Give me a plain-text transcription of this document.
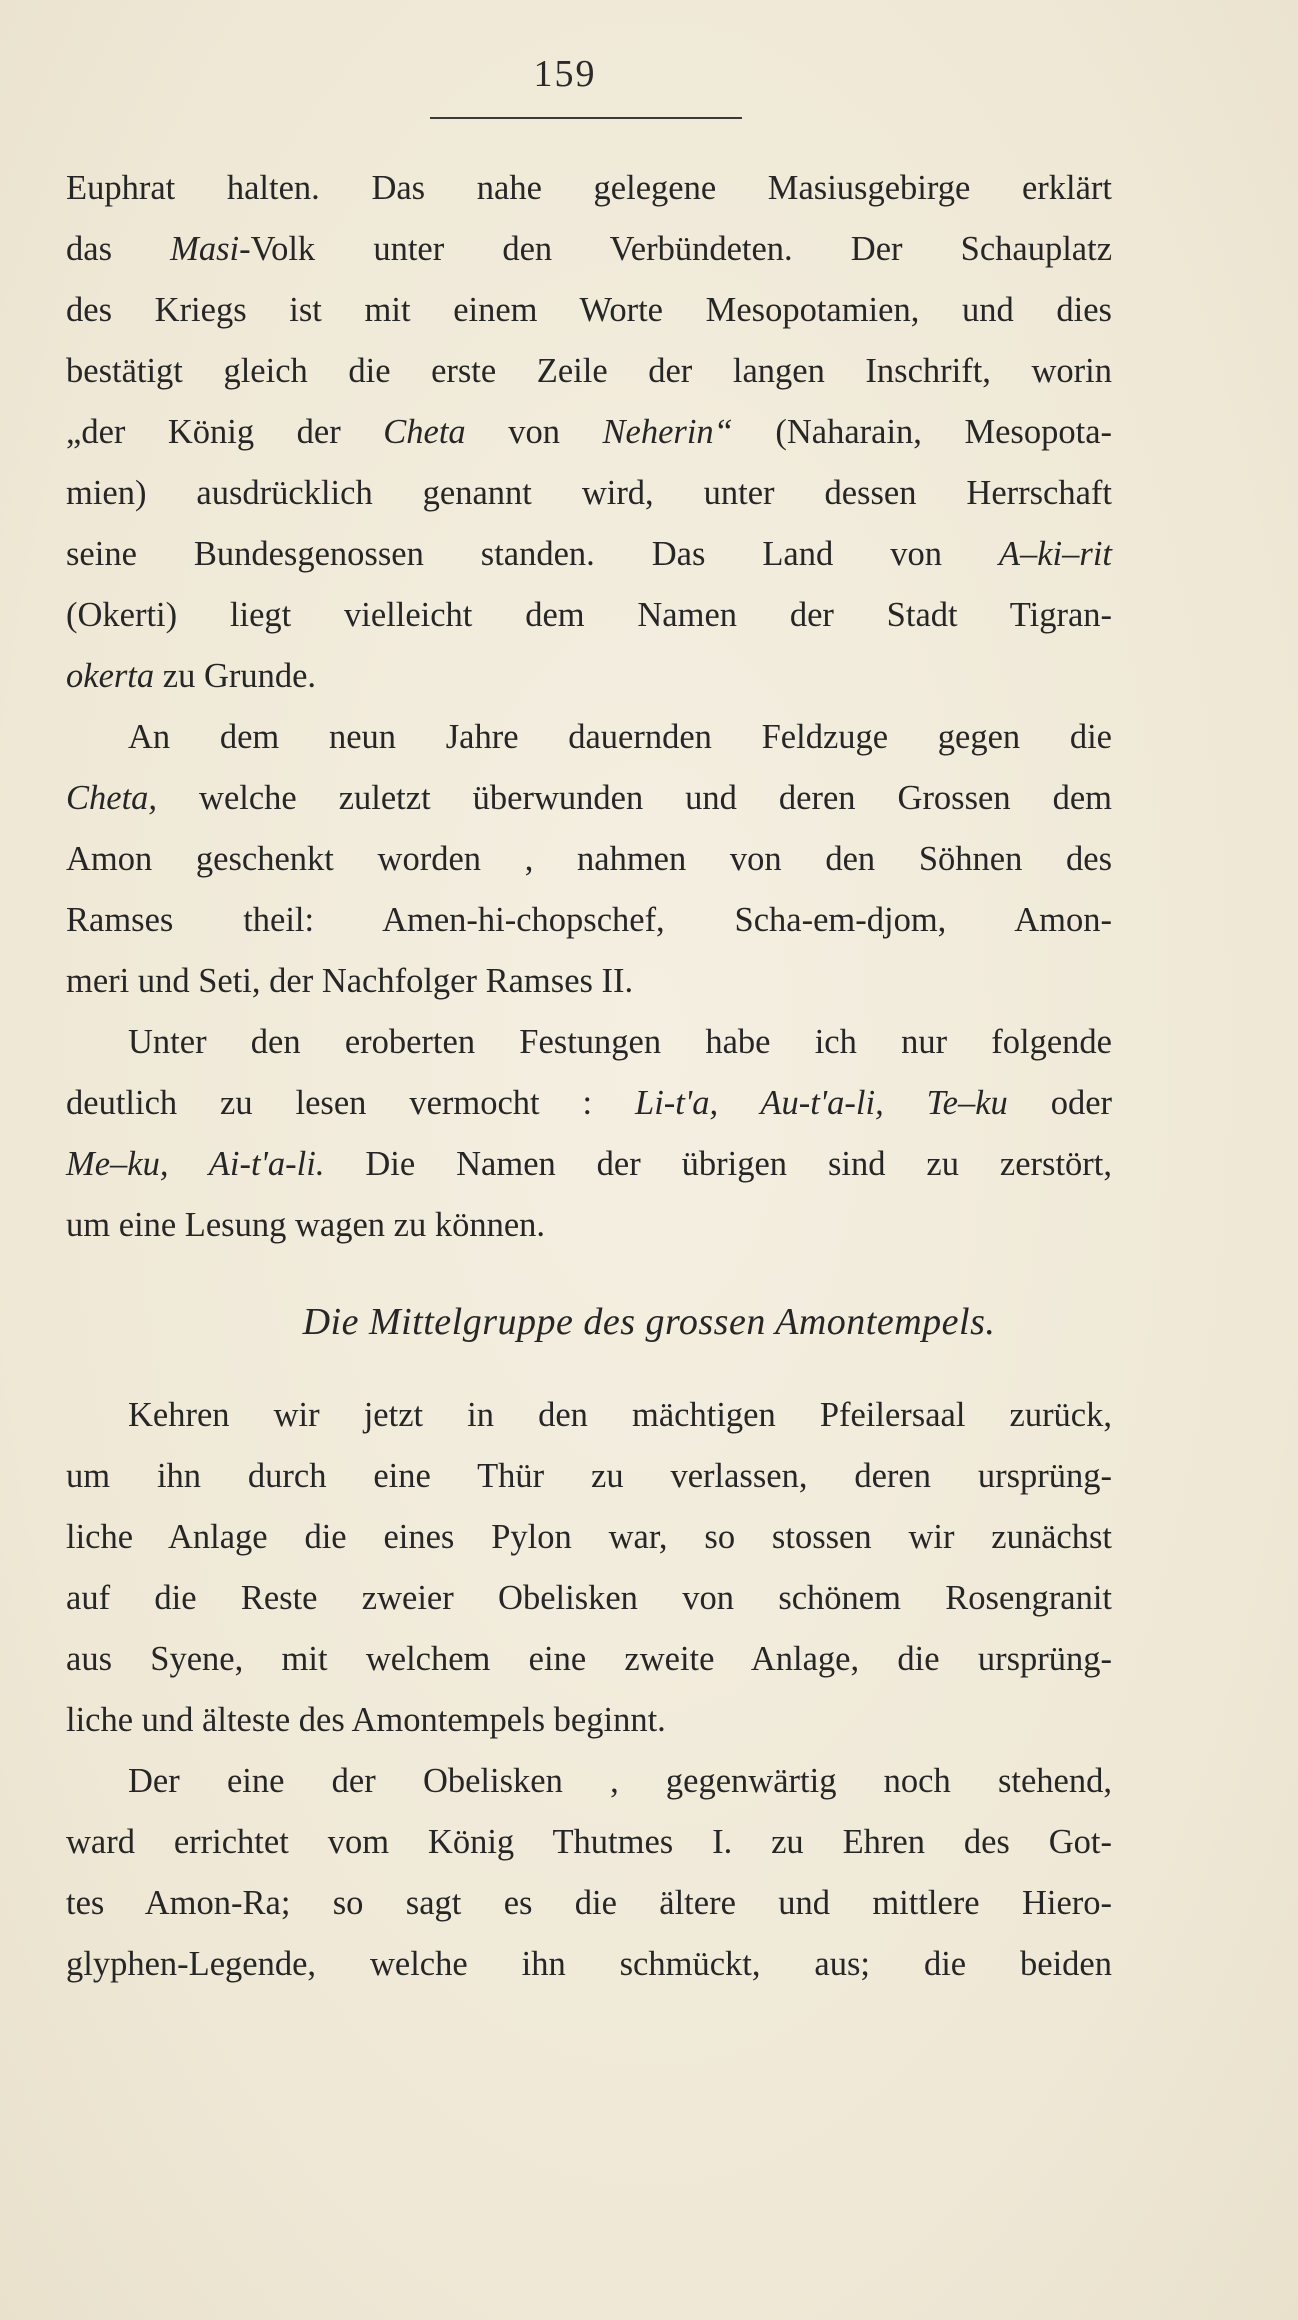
159
Euphrat halten. Das nahe gelegene Masiusgebirge erklärt
das Masi-Volk unter den Verbündeten. Der Schauplatz
des Kriegs ist mit einem Worte Mesopotamien, und dies
bestätigt gleich die erste Zeile der langen Inschrift, worin
„der König der Cheta von Neherin“ (Naharain, Mesopota-
mien) ausdrücklich genannt wird, unter dessen Herrschaft
seine Bundesgenossen standen. Das Land von A–ki–rit
(Okerti) liegt vielleicht dem Namen der Stadt Tigran-
okerta zu Grunde.
An dem neun Jahre dauernden Feldzuge gegen die
Cheta, welche zuletzt überwunden und deren Grossen dem
Amon geschenkt worden , nahmen von den Söhnen des
Ramses theil: Amen-hi-chopschef, Scha-em-djom, Amon-
meri und Seti, der Nachfolger Ramses II.
Unter den eroberten Festungen habe ich nur folgende
deutlich zu lesen vermocht : Li-t'a, Au-t'a-li, Te–ku oder
Me–ku, Ai-t'a-li. Die Namen der übrigen sind zu zerstört,
um eine Lesung wagen zu können.
Die Mittelgruppe des grossen Amontempels.
Kehren wir jetzt in den mächtigen Pfeilersaal zurück,
um ihn durch eine Thür zu verlassen, deren ursprüng-
liche Anlage die eines Pylon war, so stossen wir zunächst
auf die Reste zweier Obelisken von schönem Rosengranit
aus Syene, mit welchem eine zweite Anlage, die ursprüng-
liche und älteste des Amontempels beginnt.
Der eine der Obelisken , gegenwärtig noch stehend,
ward errichtet vom König Thutmes I. zu Ehren des Got-
tes Amon-Ra; so sagt es die ältere und mittlere Hiero-
glyphen-Legende, welche ihn schmückt, aus; die beiden
